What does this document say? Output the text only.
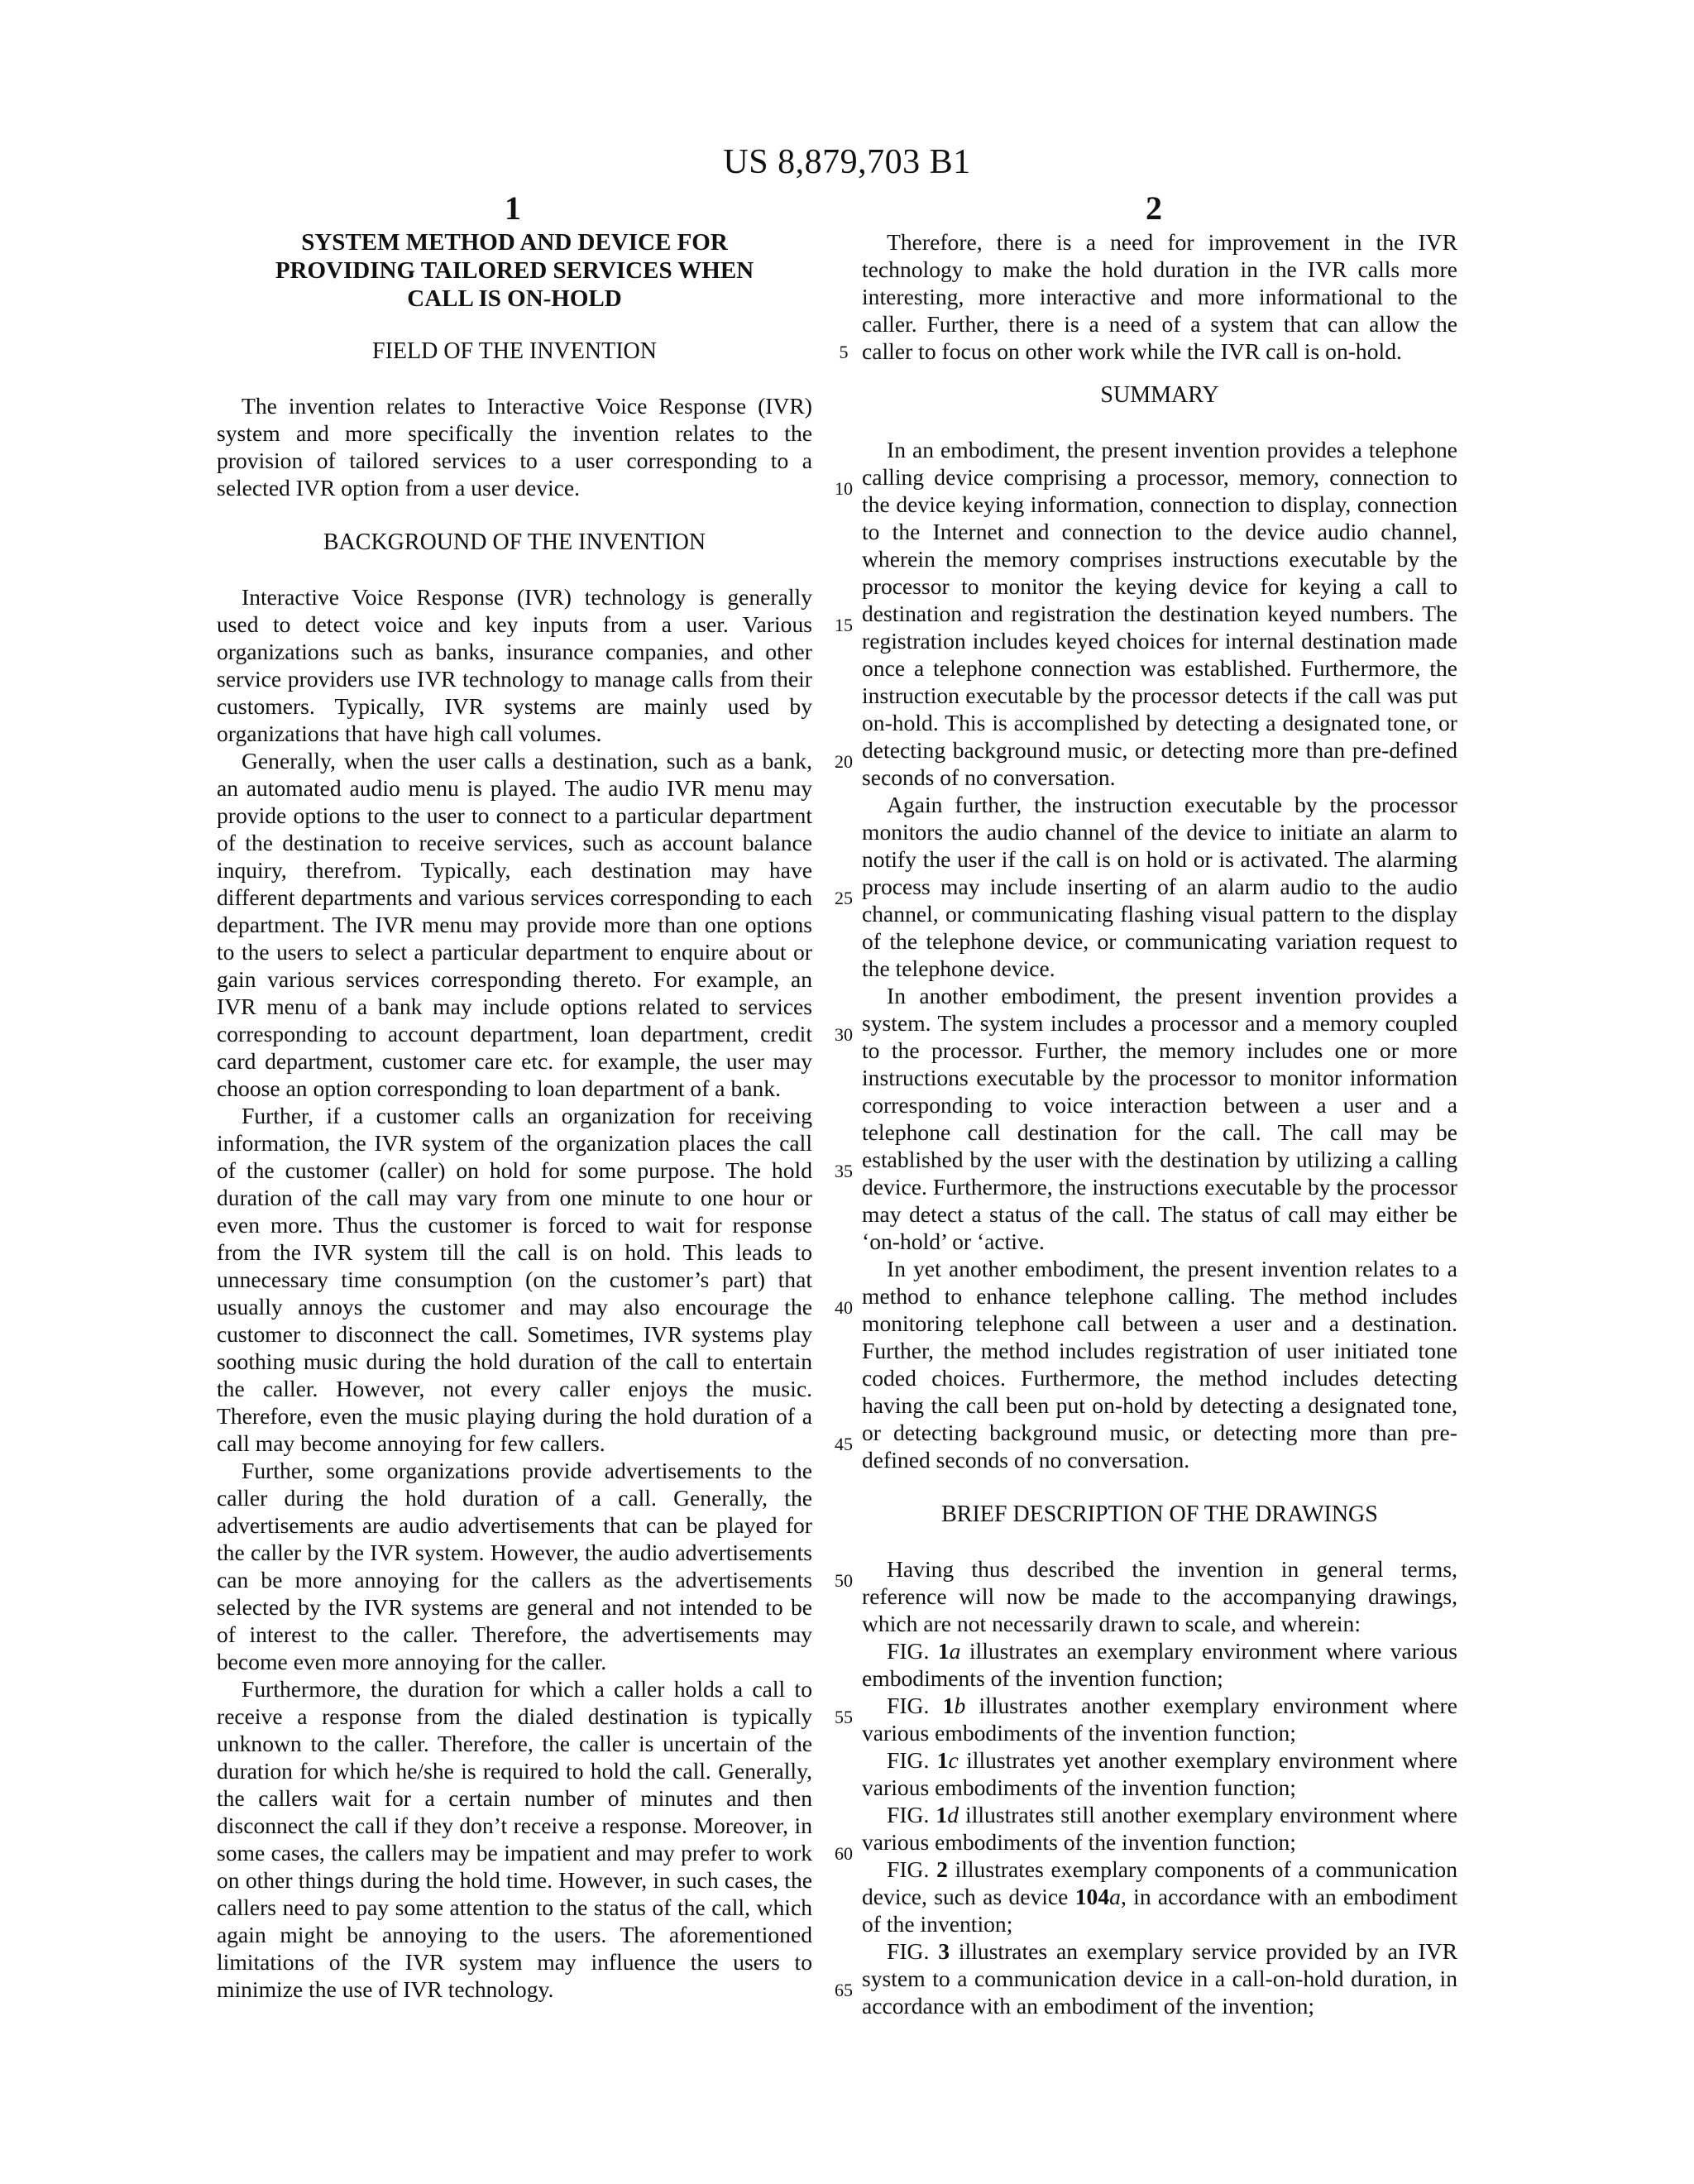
US 8,879,703 B1
1	2
SYSTEM METHOD AND DEVICE FOR
PROVIDING TAILORED SERVICES WHEN
CALL IS ON-HOLD
FIELD OF THE INVENTION

The invention relates to Interactive Voice Response (IVR) system and more specifically the invention relates to the provision of tailored services to a user corresponding to a selected IVR option from a user device.

BACKGROUND OF THE INVENTION

Interactive Voice Response (IVR) technology is generally used to detect voice and key inputs from a user. Various organizations such as banks, insurance companies, and other service providers use IVR technology to manage calls from their customers. Typically, IVR systems are mainly used by organizations that have high call volumes.

Generally, when the user calls a destination, such as a bank, an automated audio menu is played. The audio IVR menu may provide options to the user to connect to a particular department of the destination to receive services, such as account balance inquiry, therefrom. Typically, each destination may have different departments and various services corresponding to each department. The IVR menu may provide more than one options to the users to select a particular department to enquire about or gain various services corresponding thereto. For example, an IVR menu of a bank may include options related to services corresponding to account department, loan department, credit card department, customer care etc. for example, the user may choose an option corresponding to loan department of a bank.

Further, if a customer calls an organization for receiving information, the IVR system of the organization places the call of the customer (caller) on hold for some purpose. The hold duration of the call may vary from one minute to one hour or even more. Thus the customer is forced to wait for response from the IVR system till the call is on hold. This leads to unnecessary time consumption (on the customer’s part) that usually annoys the customer and may also encourage the customer to disconnect the call. Sometimes, IVR systems play soothing music during the hold duration of the call to entertain the caller. However, not every caller enjoys the music. Therefore, even the music playing during the hold duration of a call may become annoying for few callers.

Further, some organizations provide advertisements to the caller during the hold duration of a call. Generally, the advertisements are audio advertisements that can be played for the caller by the IVR system. However, the audio advertisements can be more annoying for the callers as the advertisements selected by the IVR systems are general and not intended to be of interest to the caller. Therefore, the advertisements may become even more annoying for the caller.

Furthermore, the duration for which a caller holds a call to receive a response from the dialed destination is typically unknown to the caller. Therefore, the caller is uncertain of the duration for which he/she is required to hold the call. Generally, the callers wait for a certain number of minutes and then disconnect the call if they don’t receive a response. Moreover, in some cases, the callers may be impatient and may prefer to work on other things during the hold time. However, in such cases, the callers need to pay some attention to the status of the call, which again might be annoying to the users. The aforementioned limitations of the IVR system may influence the users to minimize the use of IVR technology.

Therefore, there is a need for improvement in the IVR technology to make the hold duration in the IVR calls more interesting, more interactive and more informational to the caller. Further, there is a need of a system that can allow the caller to focus on other work while the IVR call is on-hold.

SUMMARY

In an embodiment, the present invention provides a telephone calling device comprising a processor, memory, connection to the device keying information, connection to display, connection to the Internet and connection to the device audio channel, wherein the memory comprises instructions executable by the processor to monitor the keying device for keying a call to destination and registration the destination keyed numbers. The registration includes keyed choices for internal destination made once a telephone connection was established. Furthermore, the instruction executable by the processor detects if the call was put on-hold. This is accomplished by detecting a designated tone, or detecting background music, or detecting more than pre-defined seconds of no conversation.

Again further, the instruction executable by the processor monitors the audio channel of the device to initiate an alarm to notify the user if the call is on hold or is activated. The alarming process may include inserting of an alarm audio to the audio channel, or communicating flashing visual pattern to the display of the telephone device, or communicating variation request to the telephone device.

In another embodiment, the present invention provides a system. The system includes a processor and a memory coupled to the processor. Further, the memory includes one or more instructions executable by the processor to monitor information corresponding to voice interaction between a user and a telephone call destination for the call. The call may be established by the user with the destination by utilizing a calling device. Furthermore, the instructions executable by the processor may detect a status of the call. The status of call may either be ‘on-hold’ or ‘active.

In yet another embodiment, the present invention relates to a method to enhance telephone calling. The method includes monitoring telephone call between a user and a destination. Further, the method includes registration of user initiated tone coded choices. Furthermore, the method includes detecting having the call been put on-hold by detecting a designated tone, or detecting background music, or detecting more than pre-defined seconds of no conversation.

BRIEF DESCRIPTION OF THE DRAWINGS

Having thus described the invention in general terms, reference will now be made to the accompanying drawings, which are not necessarily drawn to scale, and wherein:

FIG. 1a illustrates an exemplary environment where various embodiments of the invention function;

FIG. 1b illustrates another exemplary environment where various embodiments of the invention function;

FIG. 1c illustrates yet another exemplary environment where various embodiments of the invention function;

FIG. 1d illustrates still another exemplary environment where various embodiments of the invention function;

FIG. 2 illustrates exemplary components of a communication device, such as device 104a, in accordance with an embodiment of the invention;

FIG. 3 illustrates an exemplary service provided by an IVR system to a communication device in a call-on-hold duration, in accordance with an embodiment of the invention;

5
10
15
20
25
30
35
40
45
50
55
60
65
